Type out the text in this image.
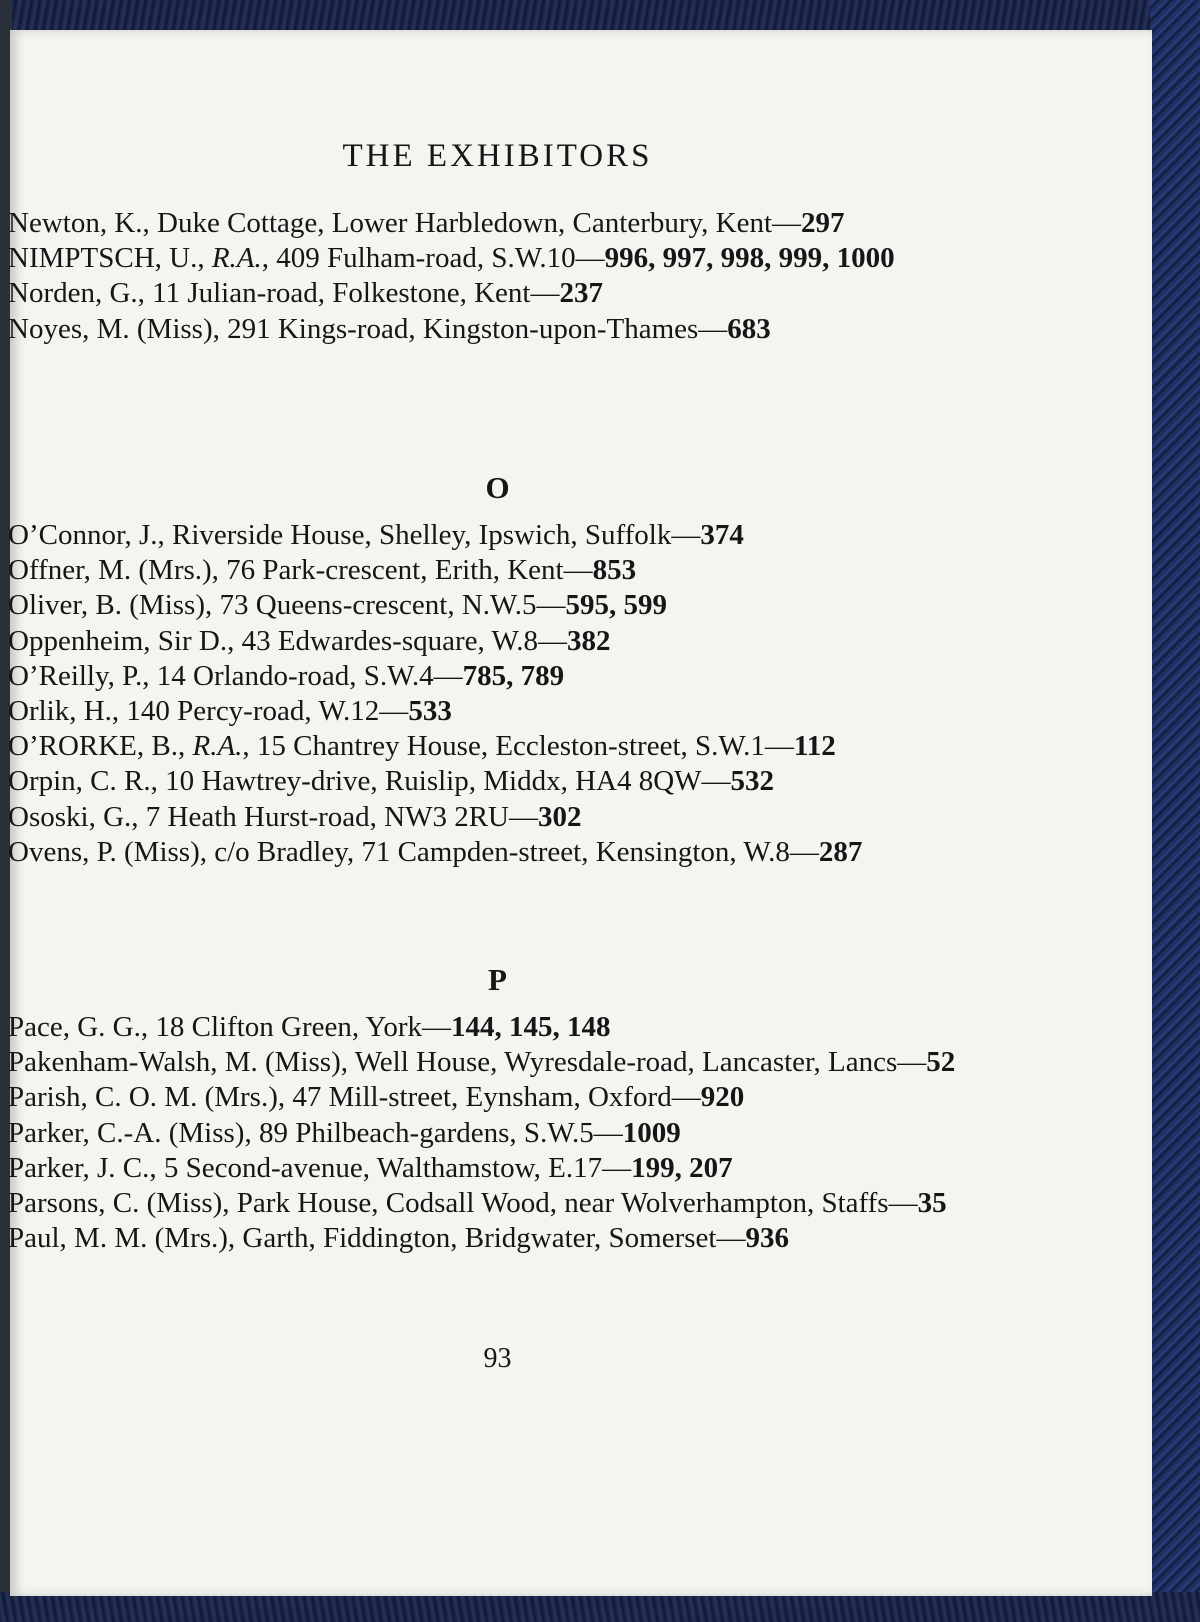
THE EXHIBITORS
Newton, K., Duke Cottage, Lower Harbledown, Canterbury, Kent—297
NIMPTSCH, U., R.A., 409 Fulham-road, S.W.10—996, 997, 998, 999, 1000
Norden, G., 11 Julian-road, Folkestone, Kent—237
Noyes, M. (Miss), 291 Kings-road, Kingston-upon-Thames—683
O
O’Connor, J., Riverside House, Shelley, Ipswich, Suffolk—374
Offner, M. (Mrs.), 76 Park-crescent, Erith, Kent—853
Oliver, B. (Miss), 73 Queens-crescent, N.W.5—595, 599
Oppenheim, Sir D., 43 Edwardes-square, W.8—382
O’Reilly, P., 14 Orlando-road, S.W.4—785, 789
Orlik, H., 140 Percy-road, W.12—533
O’RORKE, B., R.A., 15 Chantrey House, Eccleston-street, S.W.1—112
Orpin, C. R., 10 Hawtrey-drive, Ruislip, Middx, HA4 8QW—532
Ososki, G., 7 Heath Hurst-road, NW3 2RU—302
Ovens, P. (Miss), c/o Bradley, 71 Campden-street, Kensington, W.8—287
P
Pace, G. G., 18 Clifton Green, York—144, 145, 148
Pakenham-Walsh, M. (Miss), Well House, Wyresdale-road, Lancaster, Lancs—52
Parish, C. O. M. (Mrs.), 47 Mill-street, Eynsham, Oxford—920
Parker, C.-A. (Miss), 89 Philbeach-gardens, S.W.5—1009
Parker, J. C., 5 Second-avenue, Walthamstow, E.17—199, 207
Parsons, C. (Miss), Park House, Codsall Wood, near Wolverhampton, Staffs—35
Paul, M. M. (Mrs.), Garth, Fiddington, Bridgwater, Somerset—936
93
